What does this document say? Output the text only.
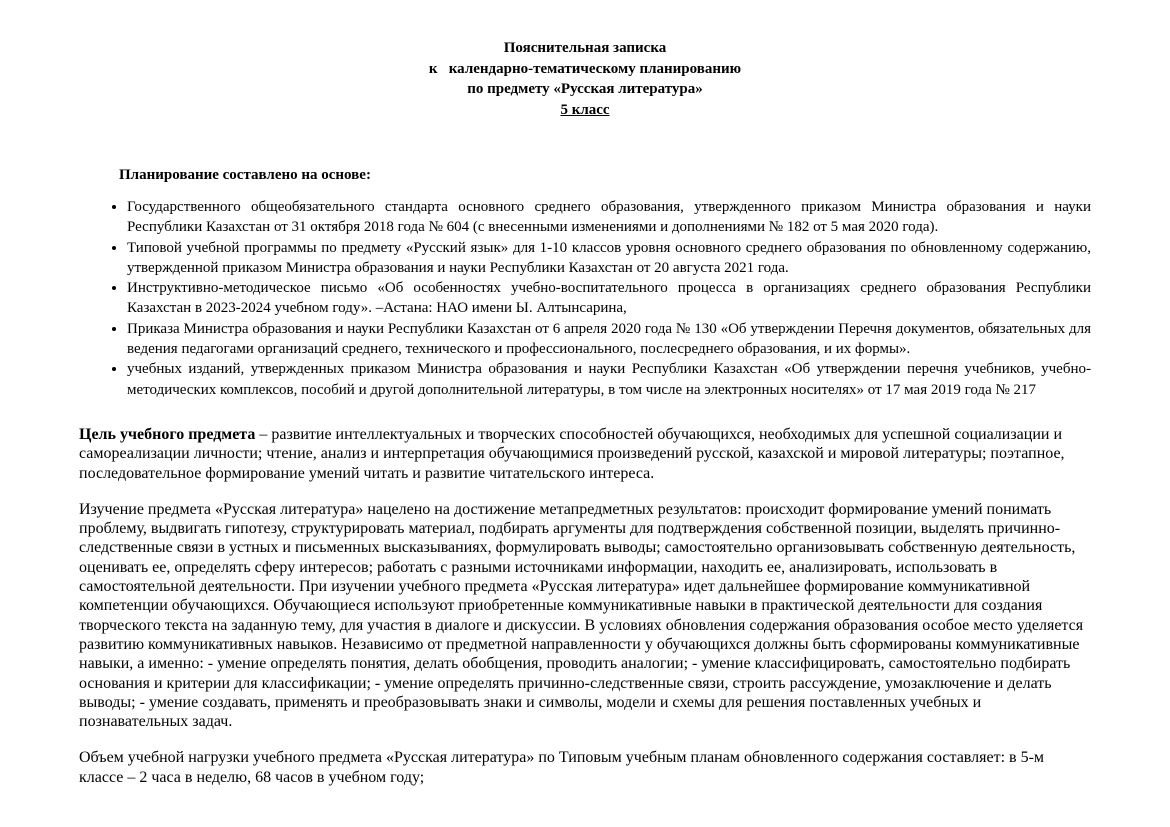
Пояснительная записка
к   календарно-тематическому планированию
по предмету «Русская литература»
5 класс

Планирование составлено на основе:

• Государственного общеобязательного стандарта основного среднего образования, утвержденного приказом Министра образования и науки Республики Казахстан от 31 октября 2018 года № 604 (с внесенными изменениями и дополнениями № 182 от 5 мая 2020 года).
• Типовой учебной программы по предмету «Русский язык» для 1-10 классов уровня основного среднего образования по обновленному содержанию, утвержденной приказом Министра образования и науки Республики Казахстан от 20 августа 2021 года.
• Инструктивно-методическое письмо «Об особенностях учебно-воспитательного процесса в организациях среднего образования Республики Казахстан в 2023-2024 учебном году». –Астана: НАО имени Ы. Алтынсарина,
• Приказа Министра образования и науки Республики Казахстан от 6 апреля 2020 года № 130 «Об утверждении Перечня документов, обязательных для ведения педагогами организаций среднего, технического и профессионального, послесреднего образования, и их формы».
• учебных изданий, утвержденных приказом Министра образования и науки Республики Казахстан «Об утверждении перечня учебников, учебно-методических комплексов, пособий и другой дополнительной литературы, в том числе на электронных носителях» от 17 мая 2019 года № 217

Цель учебного предмета – развитие интеллектуальных и творческих способностей обучающихся, необходимых для успешной социализации и самореализации личности; чтение, анализ и интерпретация обучающимися произведений русской, казахской и мировой литературы; поэтапное, последовательное формирование умений читать и развитие читательского интереса.

Изучение предмета «Русская литература» нацелено на достижение метапредметных результатов: происходит формирование умений понимать проблему, выдвигать гипотезу, структурировать материал, подбирать аргументы для подтверждения собственной позиции, выделять причинно- следственные связи в устных и письменных высказываниях, формулировать выводы; самостоятельно организовывать собственную деятельность, оценивать ее, определять сферу интересов; работать с разными источниками информации, находить ее, анализировать, использовать в самостоятельной деятельности. При изучении учебного предмета «Русская литература» идет дальнейшее формирование коммуникативной компетенции обучающихся. Обучающиеся используют приобретенные коммуникативные навыки в практической деятельности для создания творческого текста на заданную тему, для участия в диалоге и дискуссии. В условиях обновления содержания образования особое место уделяется развитию коммуникативных навыков. Независимо от предметной направленности у обучающихся должны быть сформированы коммуникативные навыки, а именно: - умение определять понятия, делать обобщения, проводить аналогии; - умение классифицировать, самостоятельно подбирать основания и критерии для классификации; - умение определять причинно-следственные связи, строить рассуждение, умозаключение и делать выводы; - умение создавать, применять и преобразовывать знаки и символы, модели и схемы для решения поставленных учебных и познавательных задач.

Объем учебной нагрузки учебного предмета «Русская литература» по Типовым учебным планам обновленного содержания составляет: в 5-м классе – 2 часа в неделю, 68 часов в учебном году;
